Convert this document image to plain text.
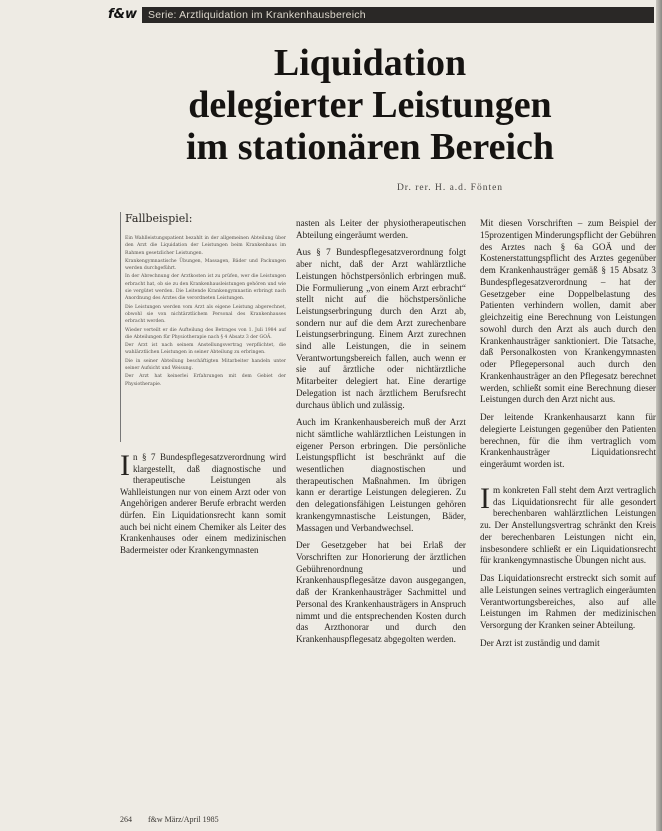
f&w	Serie: Arztliquidation im Krankenhausbereich
Liquidation
delegierter Leistungen
im stationären Bereich
Dr. rer. H. a.d. Fönten
Fallbeispiel:

Ein Wahlleistungspatient bezahlt in der allgemeinen Abteilung über den Arzt die Liquidation der Leistungen beim Krankenhaus im Rahmen gesetzlicher Leistungen.

Krankengymnastische Übungen, Massagen, Bäder und Packungen werden durchgeführt.

In der Abrechnung der Arztkosten ist zu prüfen, wer die Leistungen erbracht hat, ob sie zu den Krankenhausleistungen gehören und wie sie vergütet werden. Die Leitende Krankengymnastin erbringt nach Anordnung des Arztes die verordneten Leistungen.

Die Leistungen werden vom Arzt als eigene Leistung abgerechnet, obwohl sie von nichtärztlichem Personal des Krankenhauses erbracht werden.

Wieder verteilt er die Aufteilung des Betrages von 1. Juli 1984 auf die Abteilungen für Physiotherapie nach § 4 Absatz 3 der GOÄ.

Der Arzt ist nach seinem Anstellungsvertrag verpflichtet, die wahlärztlichen Leistungen in seiner Abteilung zu erbringen.

Die in seiner Abteilung beschäftigten Mitarbeiter handeln unter seiner Aufsicht und Weisung.

Der Arzt hat keinerlei Erfahrungen mit dem Gebiet der Physiotherapie.

In § 7 Bundespflegesatzverordnung wird klargestellt, daß diagnostische und therapeutische Leistungen als Wahlleistungen nur von einem Arzt oder von Angehörigen anderer Berufe erbracht werden dürfen. Ein Liquidationsrecht kann somit auch bei nicht einem Chemiker als Leiter des Krankenhauses oder einem medizinischen Badermeister oder Krankengymnasten

nasten als Leiter der physiotherapeutischen Abteilung eingeräumt werden.

Aus § 7 Bundespflegesatzverordnung folgt aber nicht, daß der Arzt wahlärztliche Leistungen höchstpersönlich erbringen muß. Die Formulierung „von einem Arzt erbracht“ stellt nicht auf die höchstpersönliche Leistungserbringung durch den Arzt ab, sondern nur auf die dem Arzt zurechenbare Leistungserbringung. Einem Arzt zurechnen sind alle Leistungen, die in seinem Verantwortungsbereich fallen, auch wenn er sie auf ärztliche oder nichtärztliche Mitarbeiter delegiert hat. Eine derartige Delegation ist nach ärztlichem Berufsrecht durchaus üblich und zulässig.

Auch im Krankenhausbereich muß der Arzt nicht sämtliche wahlärztlichen Leistungen in eigener Person erbringen. Die persönliche Leistungspflicht ist beschränkt auf die wesentlichen diagnostischen und therapeutischen Maßnahmen. Im übrigen kann er derartige Leistungen delegieren. Zu den delegationsfähigen Leistungen gehören krankengymnastische Leistungen, Bäder, Massagen und Verbandwechsel.

Der Gesetzgeber hat bei Erlaß der Vorschriften zur Honorierung der ärztlichen Gebührenordnung und Krankenhauspflegesätze davon ausgegangen, daß der Krankenhausträger Sachmittel und Personal des Krankenhausträgers in Anspruch nimmt und die entsprechenden Kosten durch das Arzthonorar und durch den Krankenhauspflegesatz abgegolten werden.

Mit diesen Vorschriften – zum Beispiel der 15prozentigen Minderungspflicht der Gebühren des Arztes nach § 6a GOÄ und der Kostenerstattungspflicht des Arztes gegenüber dem Krankenhausträger gemäß § 15 Absatz 3 Bundespflegesatzverordnung – hat der Gesetzgeber eine Doppelbelastung des Patienten verhindern wollen, damit aber gleichzeitig eine Berechnung von Leistungen sowohl durch den Arzt als auch durch den Krankenhausträger sanktioniert. Die Tatsache, daß Personalkosten von Krankengymnasten oder Pflegepersonal auch durch den Krankenhausträger an den Pflegesatz berechnet werden, schließt somit eine Berechnung dieser Leistungen durch den Arzt nicht aus.

Der leitende Krankenhausarzt kann für delegierte Leistungen gegenüber den Patienten berechnen, für die ihm vertraglich vom Krankenhausträger Liquidationsrecht eingeräumt worden ist.

Im konkreten Fall steht dem Arzt vertraglich das Liquidationsrecht für alle gesondert berechenbaren wahlärztlichen Leistungen zu. Der Anstellungsvertrag schränkt den Kreis der berechenbaren Leistungen nicht ein, insbesondere schließt er ein Liquidationsrecht für krankengymnastische Übungen nicht aus.

Das Liquidationsrecht erstreckt sich somit auf alle Leistungen seines vertraglich eingeräumten Verantwortungsbereiches, also auf alle Leistungen im Rahmen der medizinischen Versorgung der Kranken seiner Abteilung.

Der Arzt ist zuständig und damit

264 f&w März/April 1985
